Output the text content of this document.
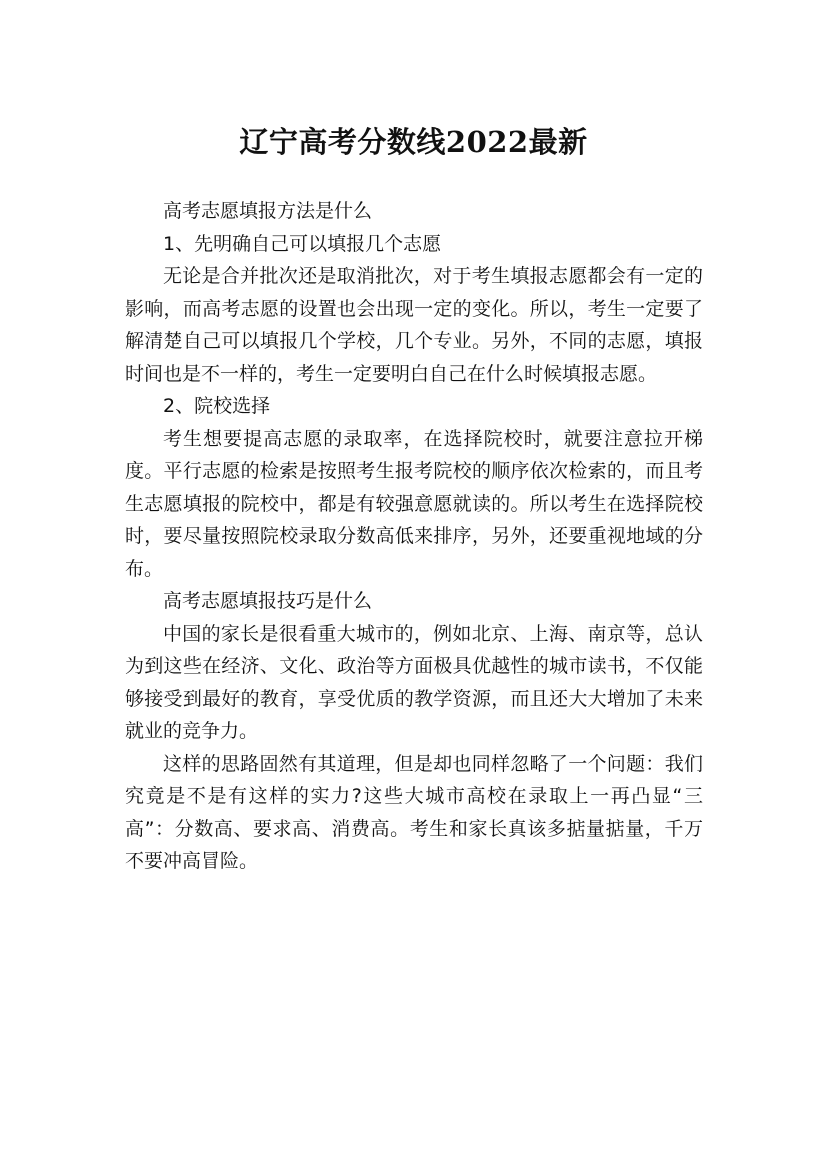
辽宁高考分数线2022最新

高考志愿填报方法是什么

1、先明确自己可以填报几个志愿

无论是合并批次还是取消批次，对于考生填报志愿都会有一定的影响，而高考志愿的设置也会出现一定的变化。所以，考生一定要了解清楚自己可以填报几个学校，几个专业。另外，不同的志愿，填报时间也是不一样的，考生一定要明白自己在什么时候填报志愿。

2、院校选择

考生想要提高志愿的录取率，在选择院校时，就要注意拉开梯度。平行志愿的检索是按照考生报考院校的顺序依次检索的，而且考生志愿填报的院校中，都是有较强意愿就读的。所以考生在选择院校时，要尽量按照院校录取分数高低来排序，另外，还要重视地域的分布。

高考志愿填报技巧是什么

中国的家长是很看重大城市的，例如北京、上海、南京等，总认为到这些在经济、文化、政治等方面极具优越性的城市读书，不仅能够接受到最好的教育，享受优质的教学资源，而且还大大增加了未来就业的竞争力。

这样的思路固然有其道理，但是却也同样忽略了一个问题：我们究竟是不是有这样的实力?这些大城市高校在录取上一再凸显“三高”：分数高、要求高、消费高。考生和家长真该多掂量掂量，千万不要冲高冒险。
